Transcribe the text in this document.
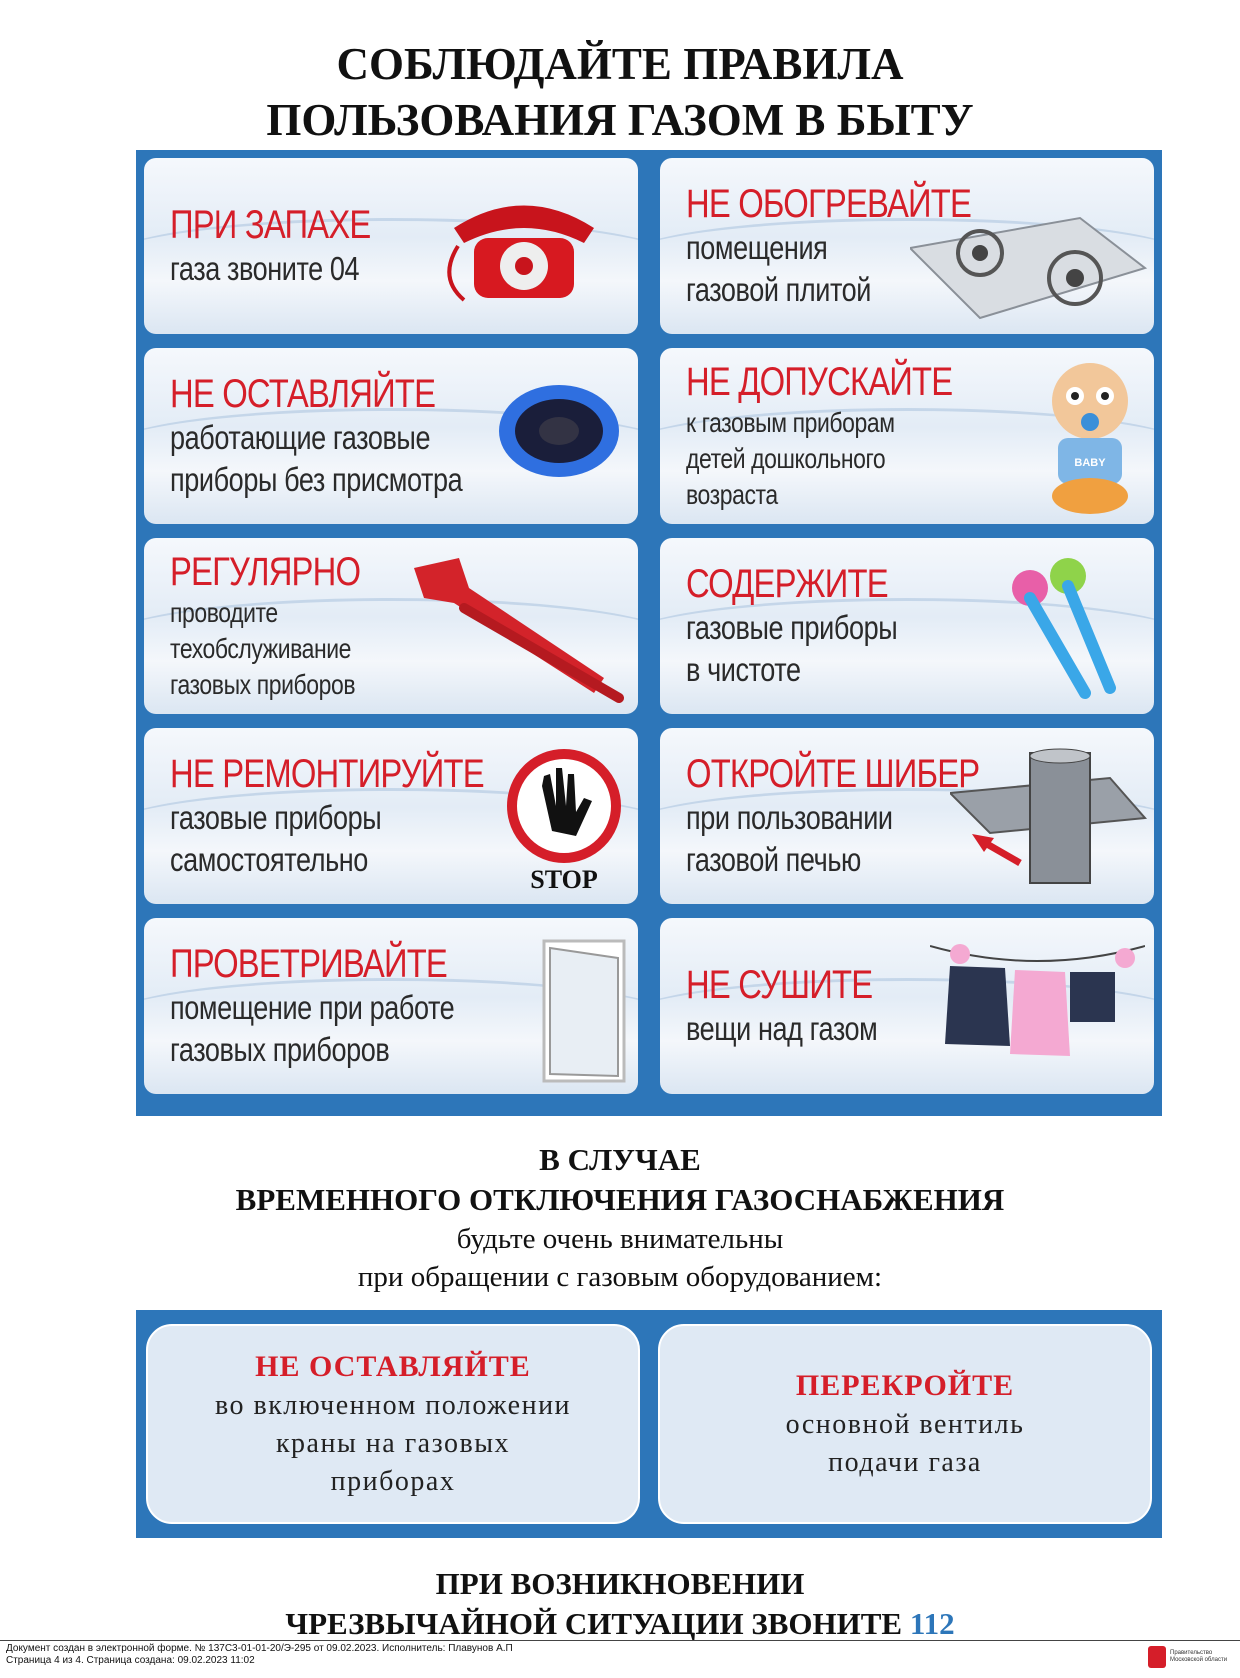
СОБЛЮДАЙТЕ ПРАВИЛА
ПОЛЬЗОВАНИЯ ГАЗОМ В БЫТУ
ПРИ ЗАПАХЕ
газа звоните 04
НЕ ОБОГРЕВАЙТЕ
помещения
газовой плитой
НЕ ОСТАВЛЯЙТЕ
работающие газовые
приборы без присмотра
НЕ ДОПУСКАЙТЕ
к газовым приборам
детей дошкольного
возраста
BABY
РЕГУЛЯРНО
проводите
техобслуживание
газовых приборов
СОДЕРЖИТЕ
газовые приборы
в чистоте
НЕ РЕМОНТИРУЙТЕ
газовые приборы
самостоятельно
STOP
ОТКРОЙТЕ ШИБЕР
при пользовании
газовой печью
ПРОВЕТРИВАЙТЕ
помещение при работе
газовых приборов
НЕ СУШИТЕ
вещи над газом
В СЛУЧАЕ
ВРЕМЕННОГО ОТКЛЮЧЕНИЯ ГАЗОСНАБЖЕНИЯ
будьте очень внимательны
при обращении с газовым оборудованием:
НЕ ОСТАВЛЯЙТЕ
во включенном положении
краны на газовых
приборах
ПЕРЕКРОЙТЕ
основной вентиль
подачи газа
ПРИ ВОЗНИКНОВЕНИИ
ЧРЕЗВЫЧАЙНОЙ СИТУАЦИИ ЗВОНИТЕ 112
Документ создан в электронной форме. № 137С3-01-01-20/Э-295 от 09.02.2023. Исполнитель: Плавунов А.П
Страница 4 из 4. Страница создана: 09.02.2023 11:02
Правительство Московской области
